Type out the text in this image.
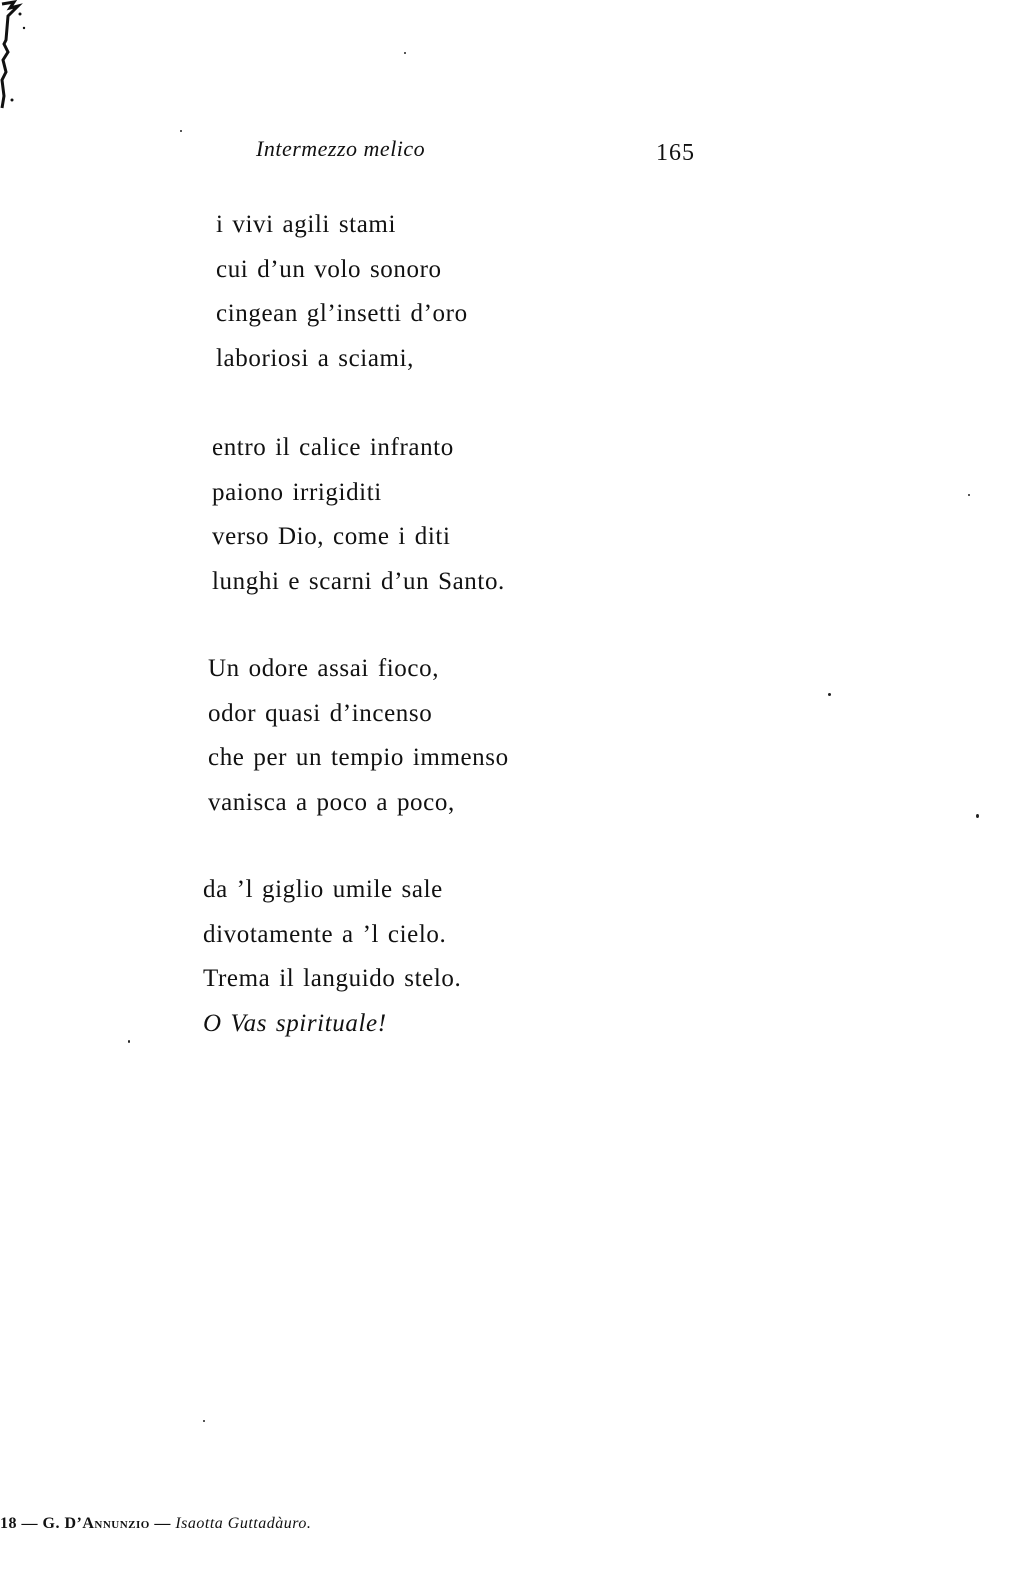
Intermezzo melico	165
i vivi agili stami
cui d’un volo sonoro
cingean gl’insetti d’oro
laboriosi a sciami,
entro il calice infranto
paiono irrigiditi
verso Dio, come i diti
lunghi e scarni d’un Santo.
Un odore assai fioco,
odor quasi d’incenso
che per un tempio immenso
vanisca a poco a poco,
da ’l giglio umile sale
divotamente a ’l cielo.
Trema il languido stelo.
O Vas spirituale!
18 — G. D’Annunzio — Isaotta Guttadàuro.
